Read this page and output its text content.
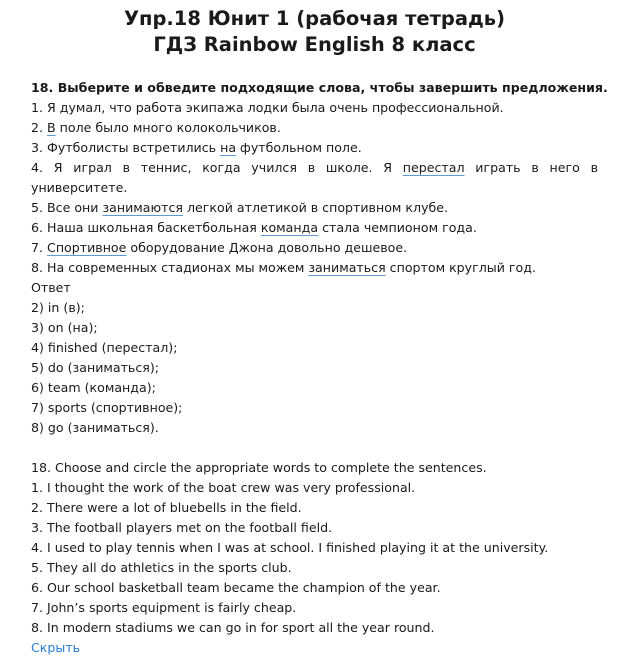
Упр.18 Юнит 1 (рабочая тетрадь)
ГДЗ Rainbow English 8 класс
18. Выберите и обведите подходящие слова, чтобы завершить предложения.
1. Я думал, что работа экипажа лодки была очень профессиональной.
2. В поле было много колокольчиков.
3. Футболисты встретились на футбольном поле.
4. Я играл в теннис, когда учился в школе. Я перестал играть в него в университете.
5. Все они занимаются легкой атлетикой в спортивном клубе.
6. Наша школьная баскетбольная команда стала чемпионом года.
7. Спортивное оборудование Джона довольно дешевое.
8. На современных стадионах мы можем заниматься спортом круглый год.
Ответ
2) in (в);
3) on (на);
4) finished (перестал);
5) do (заниматься);
6) team (команда);
7) sports (спортивное);
8) go (заниматься).
18. Choose and circle the appropriate words to complete the sentences.
1. I thought the work of the boat crew was very professional.
2. There were a lot of bluebells in the field.
3. The football players met on the football field.
4. I used to play tennis when I was at school. I finished playing it at the university.
5. They all do athletics in the sports club.
6. Our school basketball team became the champion of the year.
7. John’s sports equipment is fairly cheap.
8. In modern stadiums we can go in for sport all the year round.
Скрыть
